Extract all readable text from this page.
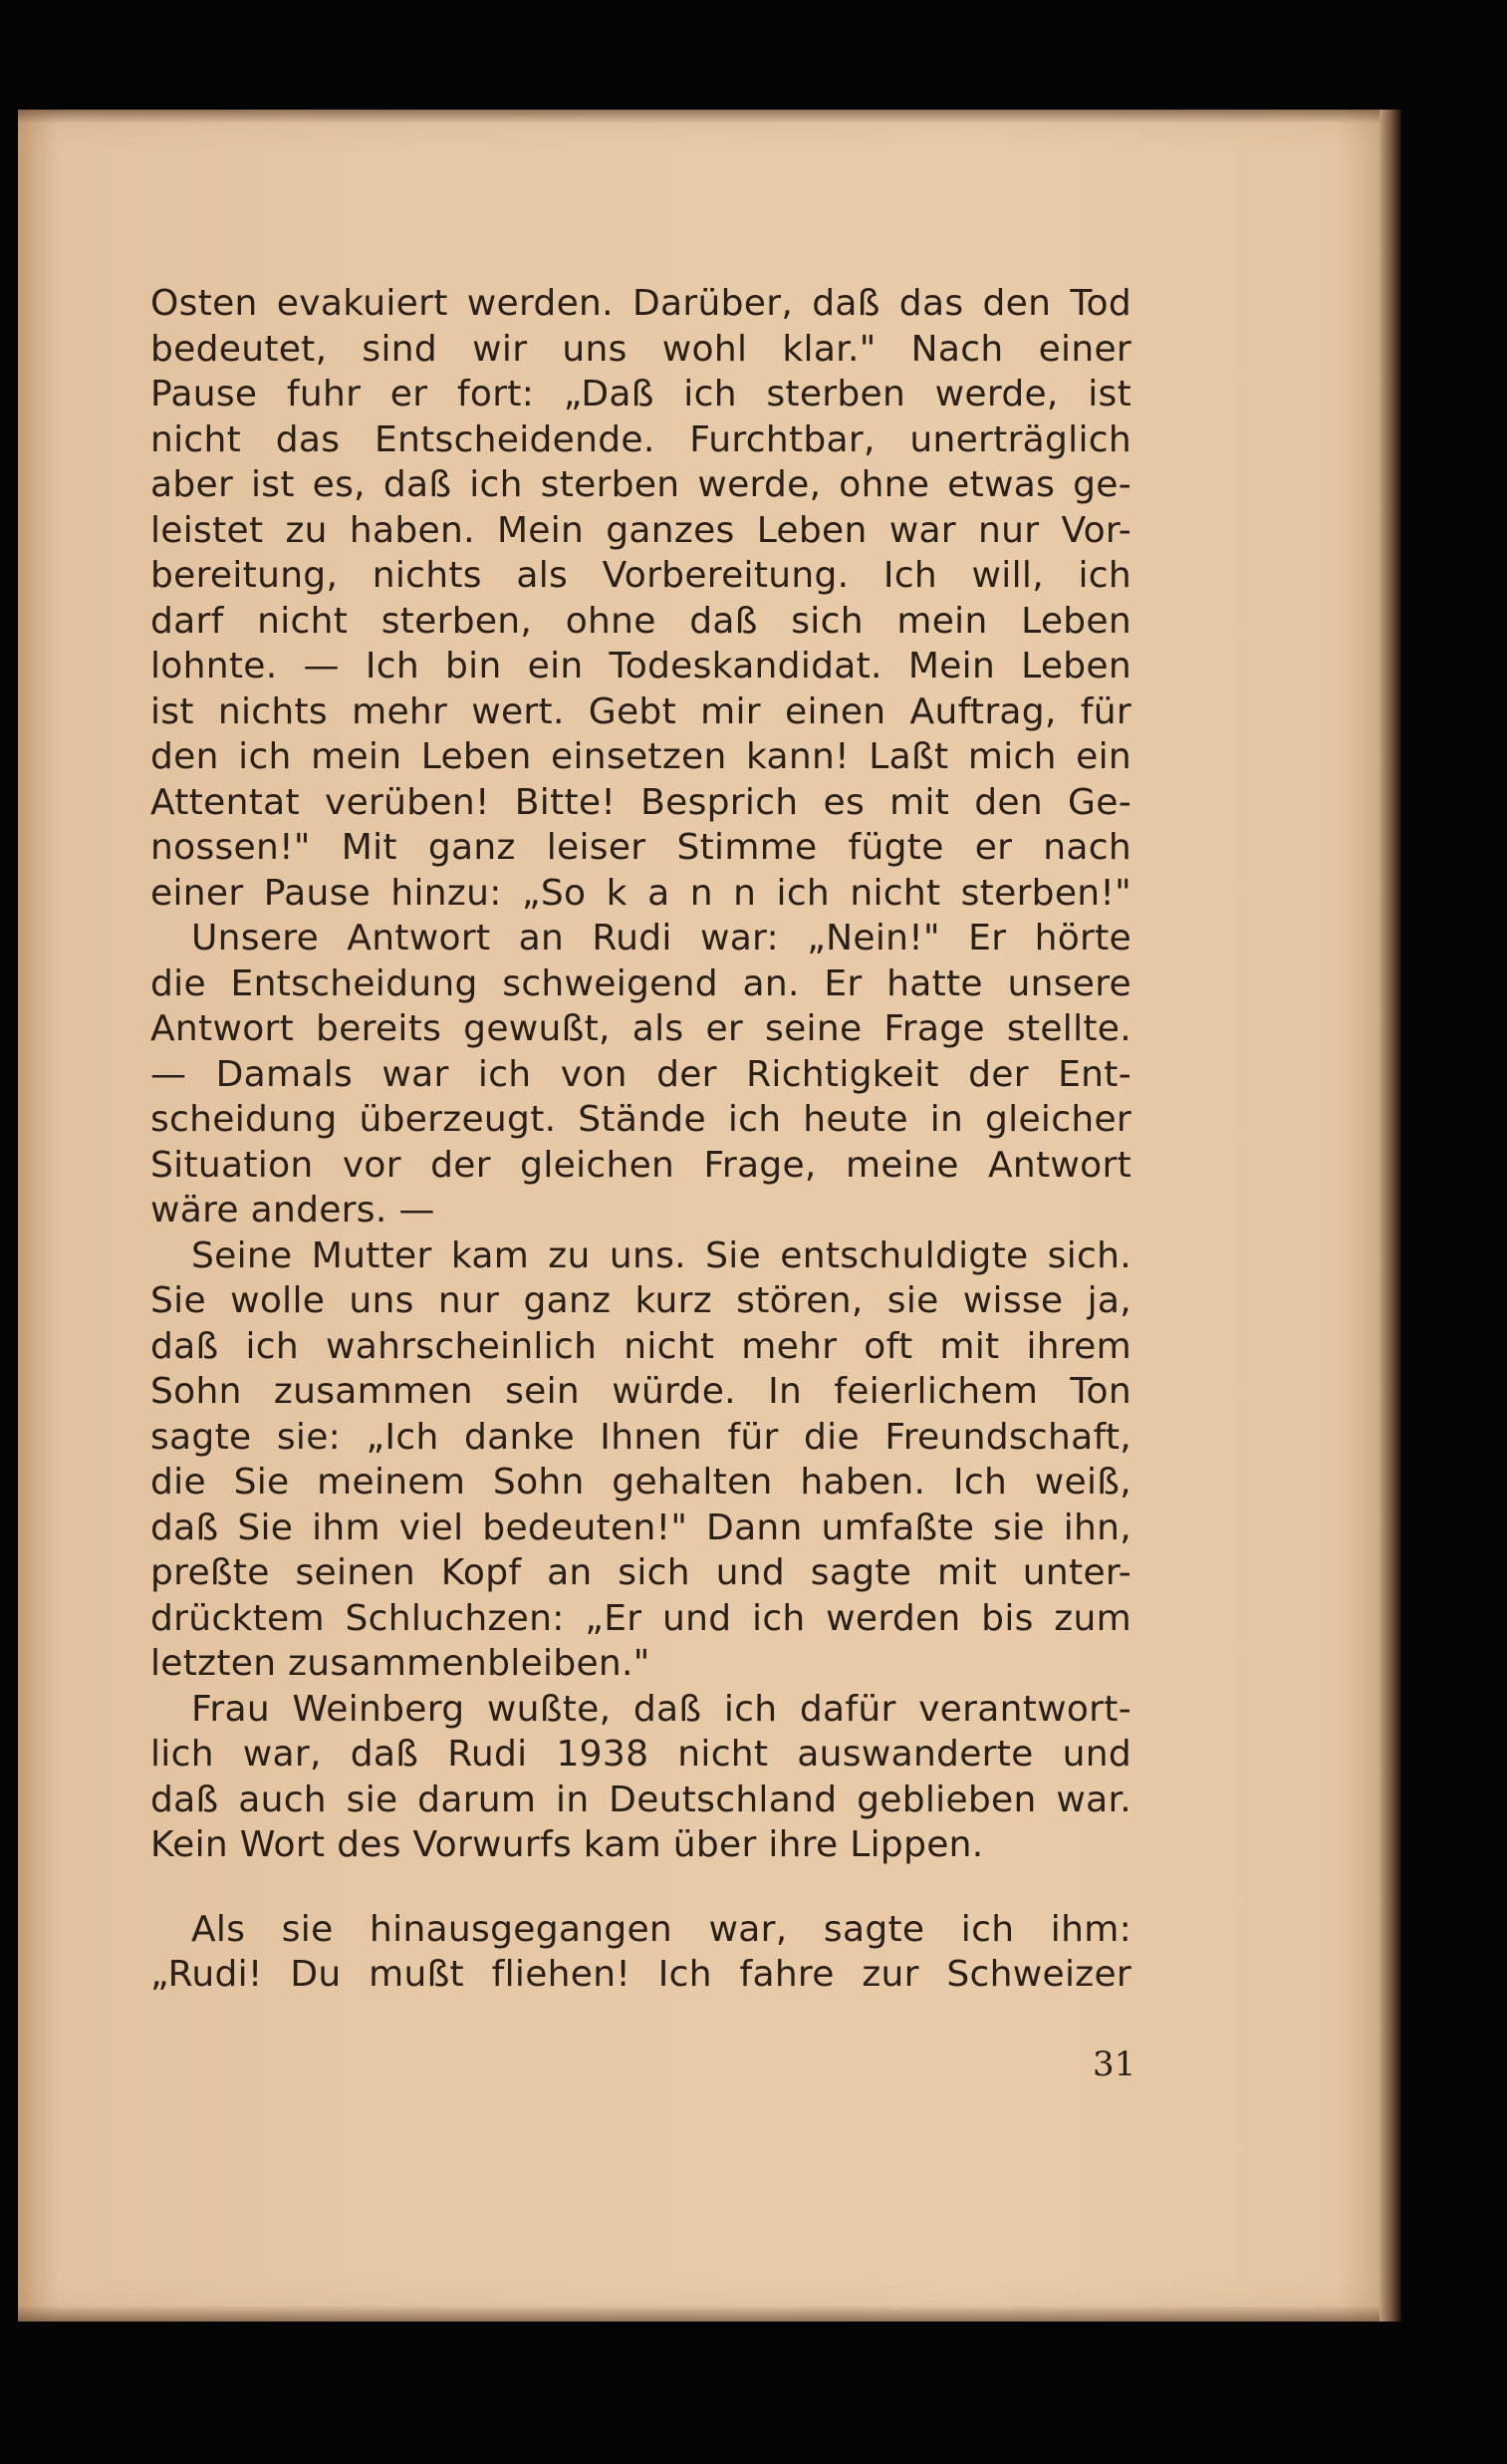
Osten evakuiert werden. Darüber, daß das den Tod
bedeutet, sind wir uns wohl klar." Nach einer
Pause fuhr er fort: „Daß ich sterben werde, ist
nicht das Entscheidende. Furchtbar, unerträglich
aber ist es, daß ich sterben werde, ohne etwas ge-
leistet zu haben. Mein ganzes Leben war nur Vor-
bereitung, nichts als Vorbereitung. Ich will, ich
darf nicht sterben, ohne daß sich mein Leben
lohnte. — Ich bin ein Todeskandidat. Mein Leben
ist nichts mehr wert. Gebt mir einen Auftrag, für
den ich mein Leben einsetzen kann! Laßt mich ein
Attentat verüben! Bitte! Besprich es mit den Ge-
nossen!" Mit ganz leiser Stimme fügte er nach
einer Pause hinzu: „So k a n n ich nicht sterben!"
Unsere Antwort an Rudi war: „Nein!" Er hörte
die Entscheidung schweigend an. Er hatte unsere
Antwort bereits gewußt, als er seine Frage stellte.
— Damals war ich von der Richtigkeit der Ent-
scheidung überzeugt. Stände ich heute in gleicher
Situation vor der gleichen Frage, meine Antwort
wäre anders. —
Seine Mutter kam zu uns. Sie entschuldigte sich.
Sie wolle uns nur ganz kurz stören, sie wisse ja,
daß ich wahrscheinlich nicht mehr oft mit ihrem
Sohn zusammen sein würde. In feierlichem Ton
sagte sie: „Ich danke Ihnen für die Freundschaft,
die Sie meinem Sohn gehalten haben. Ich weiß,
daß Sie ihm viel bedeuten!" Dann umfaßte sie ihn,
preßte seinen Kopf an sich und sagte mit unter-
drücktem Schluchzen: „Er und ich werden bis zum
letzten zusammenbleiben."
Frau Weinberg wußte, daß ich dafür verantwort-
lich war, daß Rudi 1938 nicht auswanderte und
daß auch sie darum in Deutschland geblieben war.
Kein Wort des Vorwurfs kam über ihre Lippen.
Als sie hinausgegangen war, sagte ich ihm:
„Rudi! Du mußt fliehen! Ich fahre zur Schweizer
31
